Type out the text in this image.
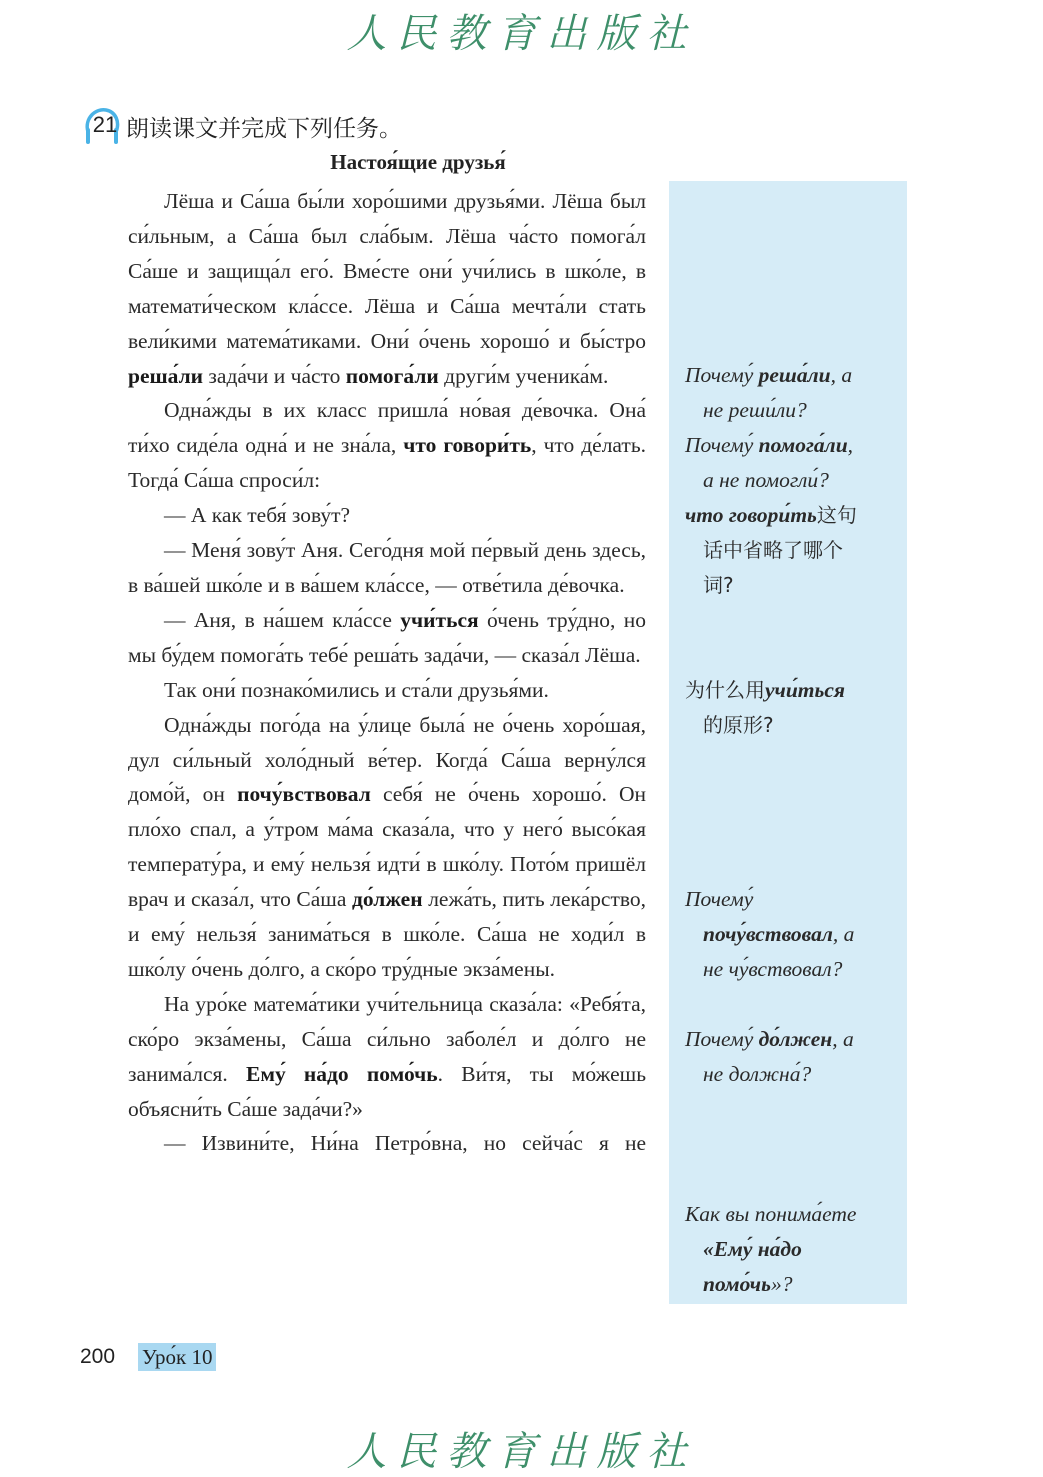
人民教育出版社
21 朗读课文并完成下列任务。
Настоя́щие друзья́

Лёша и Са́ша бы́ли хоро́шими друзья́ми. Лёша был си́льным, а Са́ша был сла́бым. Лёша ча́сто помога́л Са́ше и защища́л его́. Вме́сте они́ учи́лись в шко́ле, в математи́ческом кла́ссе. Лёша и Са́ша мечта́ли стать вели́кими матема́тиками. Они́ о́чень хорошо́ и бы́стро реша́ли зада́чи и ча́сто помога́ли други́м ученика́м.

Одна́жды в их класс пришла́ но́вая де́вочка. Она́ ти́хо сиде́ла одна́ и не зна́ла, что говори́ть, что де́лать. Тогда́ Са́ша спроси́л:

— А как тебя́ зову́т?

— Меня́ зову́т Аня. Сего́дня мой пе́рвый день здесь, в ва́шей шко́ле и в ва́шем кла́ссе, — отве́тила де́вочка.

— Аня, в на́шем кла́ссе учи́ться о́чень тру́дно, но мы бу́дем помога́ть тебе́ реша́ть зада́чи, — сказа́л Лёша.

Так они́ познако́мились и ста́ли друзья́ми.

Одна́жды пого́да на у́лице была́ не о́чень хоро́шая, дул си́льный холо́дный ве́тер. Когда́ Са́ша верну́лся домо́й, он почу́вствовал себя́ не о́чень хорошо́. Он пло́хо спал, а у́тром ма́ма сказа́ла, что у него́ высо́кая температу́ра, и ему́ нельзя́ идти́ в шко́лу. Пото́м пришёл врач и сказа́л, что Са́ша до́лжен лежа́ть, пить лека́рство, и ему́ нельзя́ занима́ться в шко́ле. Са́ша не ходи́л в шко́лу о́чень до́лго, а ско́ро тру́дные экза́мены.

На уро́ке матема́тики учи́тельница сказа́ла: «Ребя́та, ско́ро экза́мены, Са́ша си́льно заболе́л и до́лго не занима́лся. Ему́ на́до помо́чь. Ви́тя, ты мо́жешь объясни́ть Са́ше зада́чи?»

— Извини́те, Ни́на Петро́вна, но сейча́с я не

Почему́ реша́ли, а
не реши́ли?
Почему́ помога́ли,
а не помогли́?
что говори́ть这句
话中省略了哪个
词?
为什么用учи́ться
的原形?
Почему́
почу́вствовал, а
не чу́вствовал?
Почему́ до́лжен, а
не должна́?
Как вы понима́ете
«Ему́ на́до
помо́чь»?
200 Уро́к 10
人民教育出版社
